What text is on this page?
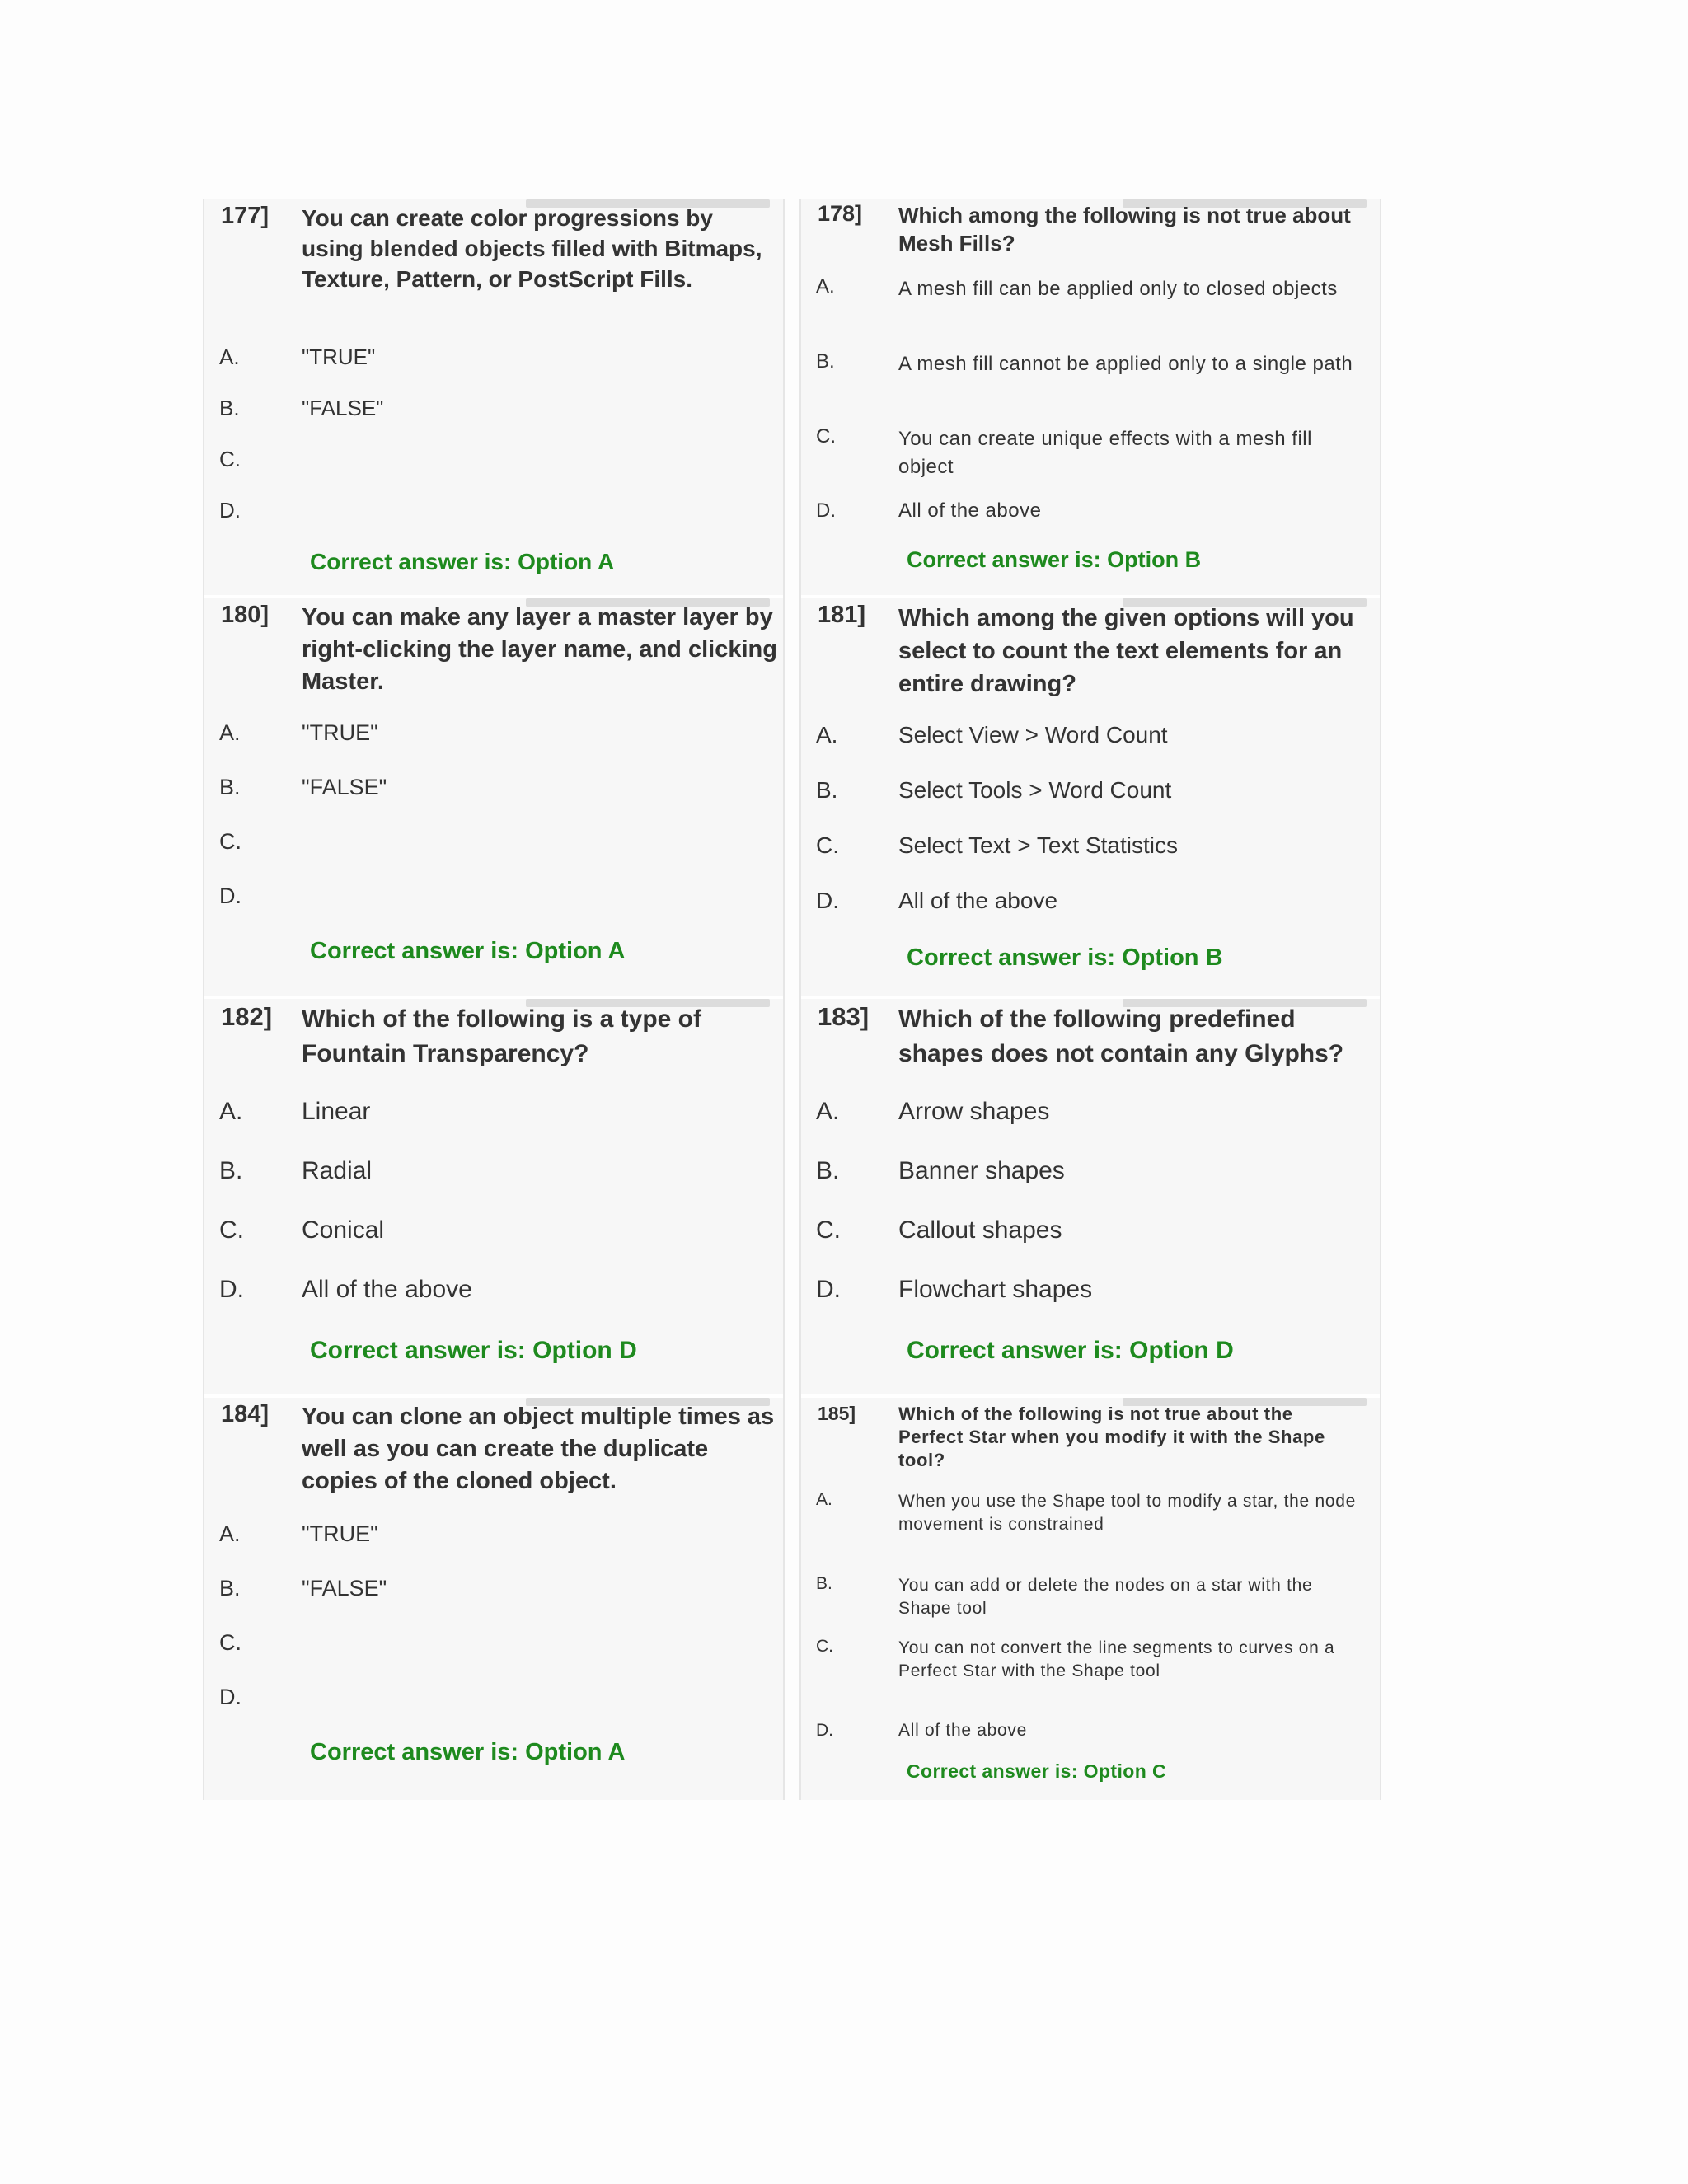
177] You can create color progressions by using blended objects filled with Bitmaps, Texture, Pattern, or PostScript Fills.
A.	"TRUE"
B.	"FALSE"
C.
D.
Correct answer is: Option A
178] Which among the following is not true about Mesh Fills?
A.	A mesh fill can be applied only to closed objects
B.	A mesh fill cannot be applied only to a single path
C.	You can create unique effects with a mesh fill object
D.	All of the above
Correct answer is: Option B
180] You can make any layer a master layer by right-clicking the layer name, and clicking Master.
A.	"TRUE"
B.	"FALSE"
C.
D.
Correct answer is: Option A
181] Which among the given options will you select to count the text elements for an entire drawing?
A.	Select View > Word Count
B.	Select Tools > Word Count
C.	Select Text > Text Statistics
D.	All of the above
Correct answer is: Option B
182] Which of the following is a type of Fountain Transparency?
A. Linear
B. Radial
C. Conical
D. All of the above
Correct answer is: Option D
183] Which of the following predefined shapes does not contain any Glyphs?
A. Arrow shapes
B. Banner shapes
C. Callout shapes
D. Flowchart shapes
Correct answer is: Option D
184] You can clone an object multiple times as well as you can create the duplicate copies of the cloned object.
A.	"TRUE"
B.	"FALSE"
C.
D.
Correct answer is: Option A
185] Which of the following is not true about the Perfect Star when you modify it with the Shape tool?
A.	When you use the Shape tool to modify a star, the node movement is constrained
B.	You can add or delete the nodes on a star with the Shape tool
C.	You can not convert the line segments to curves on a Perfect Star with the Shape tool
D.	All of the above
Correct answer is: Option C
